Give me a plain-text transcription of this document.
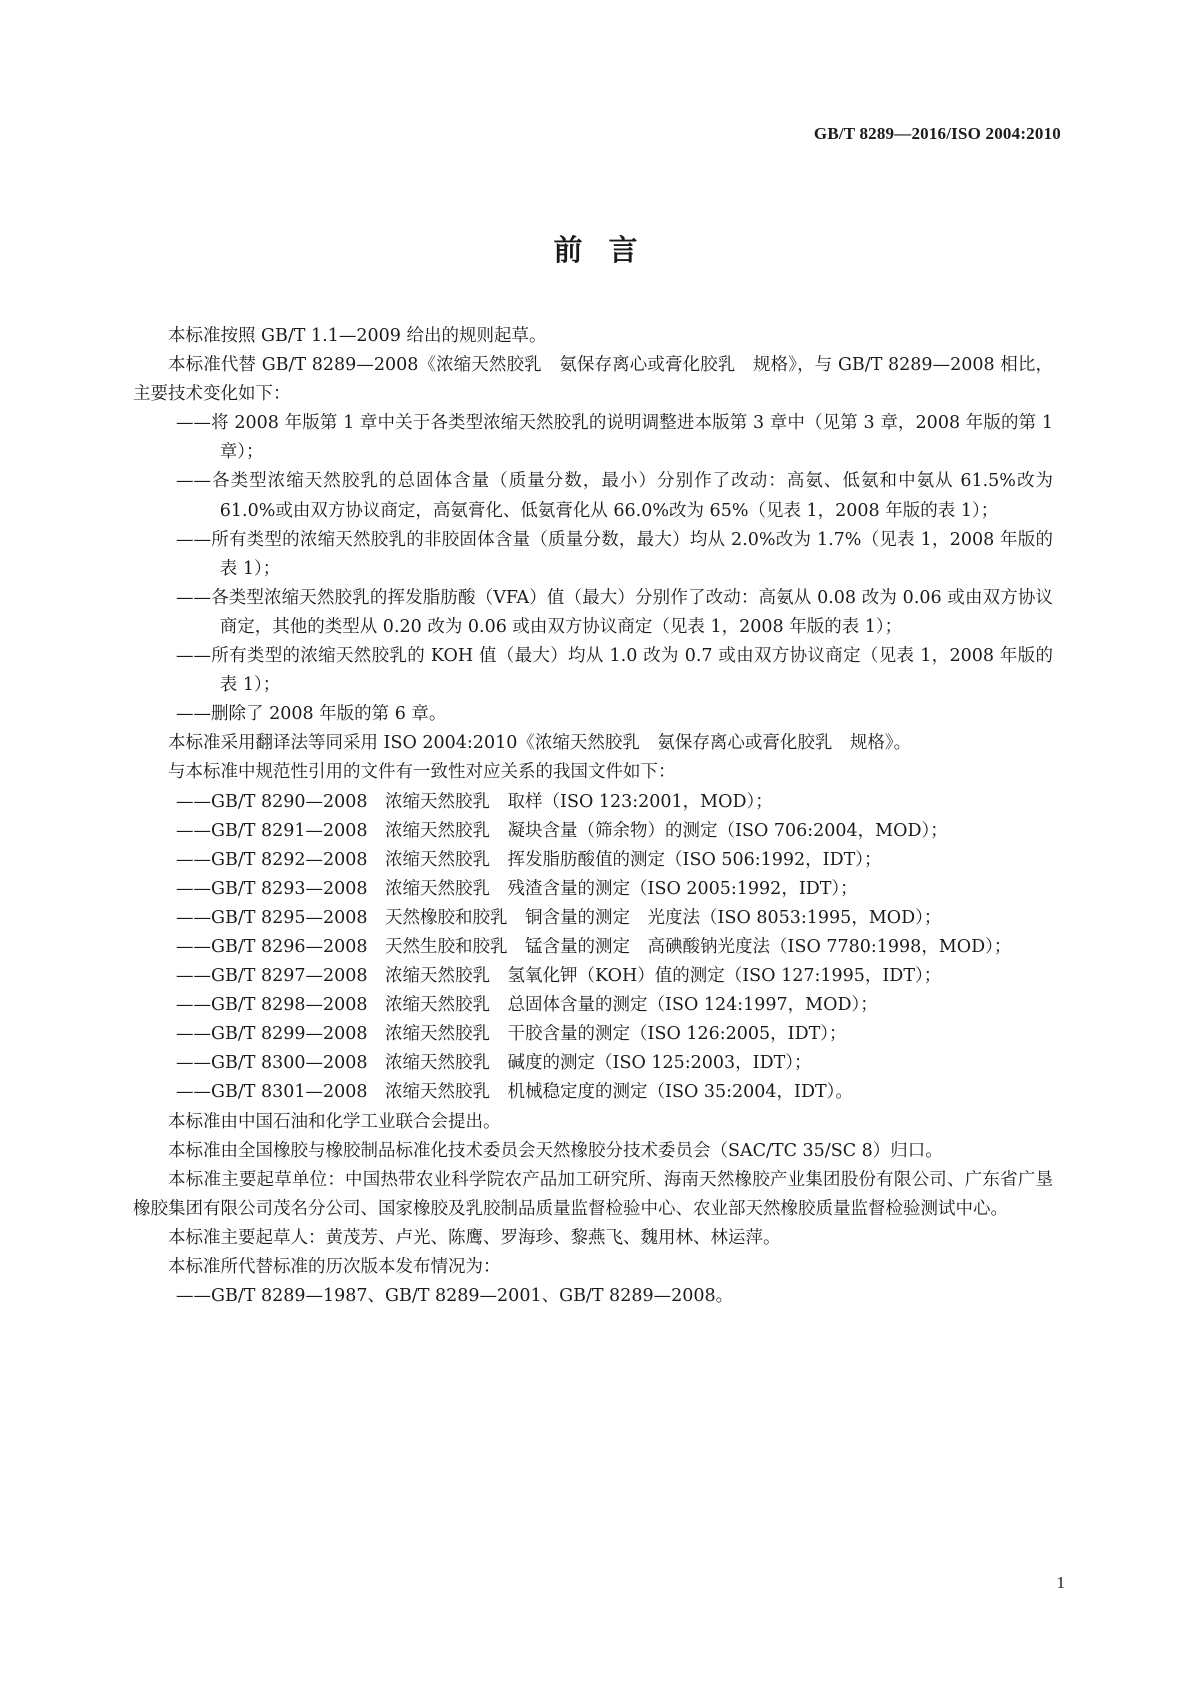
GB/T 8289—2016/ISO 2004:2010
前言

本标准按照 GB/T 1.1—2009 给出的规则起草。

本标准代替 GB/T 8289—2008《浓缩天然胶乳　氨保存离心或膏化胶乳　规格》，与 GB/T 8289—2008 相比，主要技术变化如下：

——将 2008 年版第 1 章中关于各类型浓缩天然胶乳的说明调整进本版第 3 章中（见第 3 章，2008 年版的第 1 章）；

——各类型浓缩天然胶乳的总固体含量（质量分数，最小）分别作了改动：高氨、低氨和中氨从 61.5%改为 61.0%或由双方协议商定，高氨膏化、低氨膏化从 66.0%改为 65%（见表 1，2008 年版的表 1）；

——所有类型的浓缩天然胶乳的非胶固体含量（质量分数，最大）均从 2.0%改为 1.7%（见表 1，2008 年版的表 1）；

——各类型浓缩天然胶乳的挥发脂肪酸（VFA）值（最大）分别作了改动：高氨从 0.08 改为 0.06 或由双方协议商定，其他的类型从 0.20 改为 0.06 或由双方协议商定（见表 1，2008 年版的表 1）；

——所有类型的浓缩天然胶乳的 KOH 值（最大）均从 1.0 改为 0.7 或由双方协议商定（见表 1，2008 年版的表 1）；

——删除了 2008 年版的第 6 章。

本标准采用翻译法等同采用 ISO 2004:2010《浓缩天然胶乳　氨保存离心或膏化胶乳　规格》。

与本标准中规范性引用的文件有一致性对应关系的我国文件如下：

——GB/T 8290—2008　浓缩天然胶乳　取样（ISO 123:2001，MOD）；

——GB/T 8291—2008　浓缩天然胶乳　凝块含量（筛余物）的测定（ISO 706:2004，MOD）；

——GB/T 8292—2008　浓缩天然胶乳　挥发脂肪酸值的测定（ISO 506:1992，IDT）；

——GB/T 8293—2008　浓缩天然胶乳　残渣含量的测定（ISO 2005:1992，IDT）；

——GB/T 8295—2008　天然橡胶和胶乳　铜含量的测定　光度法（ISO 8053:1995，MOD）；

——GB/T 8296—2008　天然生胶和胶乳　锰含量的测定　高碘酸钠光度法（ISO 7780:1998，MOD）；

——GB/T 8297—2008　浓缩天然胶乳　氢氧化钾（KOH）值的测定（ISO 127:1995，IDT）；

——GB/T 8298—2008　浓缩天然胶乳　总固体含量的测定（ISO 124:1997，MOD）；

——GB/T 8299—2008　浓缩天然胶乳　干胶含量的测定（ISO 126:2005，IDT）；

——GB/T 8300—2008　浓缩天然胶乳　碱度的测定（ISO 125:2003，IDT）；

——GB/T 8301—2008　浓缩天然胶乳　机械稳定度的测定（ISO 35:2004，IDT）。

本标准由中国石油和化学工业联合会提出。

本标准由全国橡胶与橡胶制品标准化技术委员会天然橡胶分技术委员会（SAC/TC 35/SC 8）归口。

本标准主要起草单位：中国热带农业科学院农产品加工研究所、海南天然橡胶产业集团股份有限公司、广东省广垦橡胶集团有限公司茂名分公司、国家橡胶及乳胶制品质量监督检验中心、农业部天然橡胶质量监督检验测试中心。

本标准主要起草人：黄茂芳、卢光、陈鹰、罗海珍、黎燕飞、魏用林、林运萍。

本标准所代替标准的历次版本发布情况为：

——GB/T 8289—1987、GB/T 8289—2001、GB/T 8289—2008。

1
